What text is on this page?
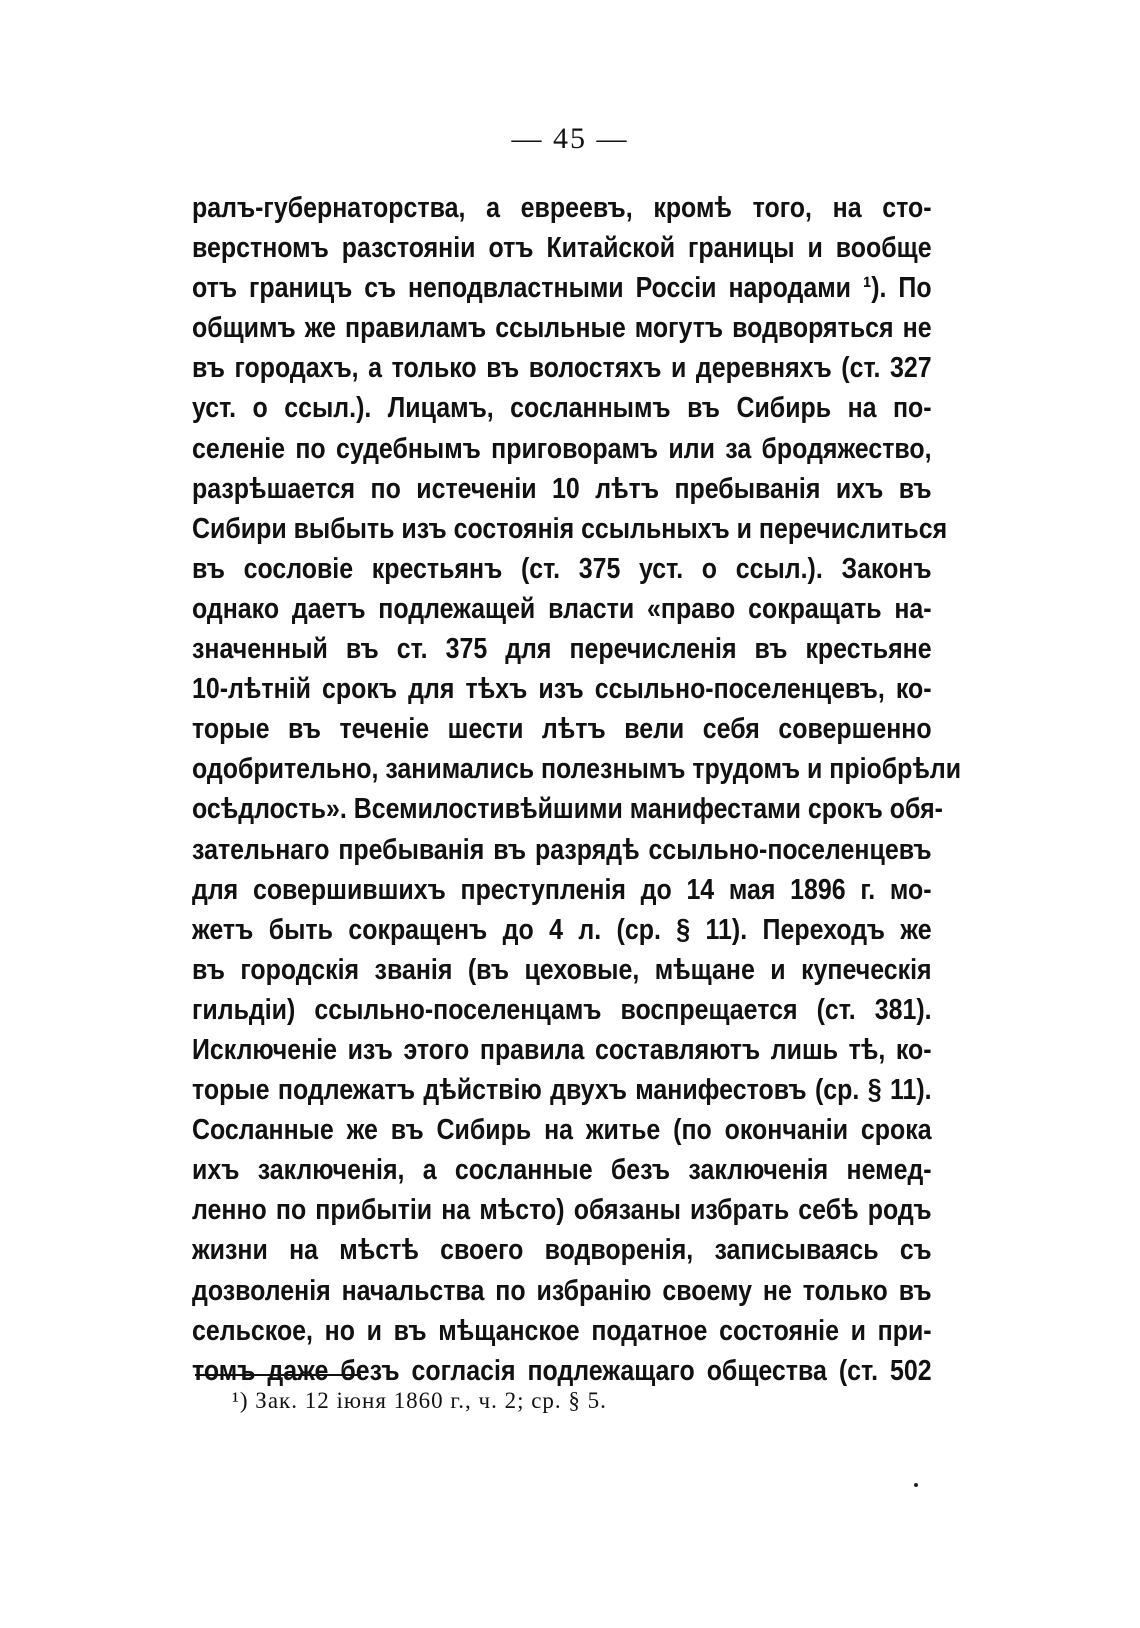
— 45 —
ралъ-губернаторства, а евреевъ, кромѣ того, на сто-
верстномъ разстояніи отъ Китайской границы и вообще
отъ границъ съ неподвластными Россіи народами ¹). По
общимъ же правиламъ ссыльные могутъ водворяться не
въ городахъ, а только въ волостяхъ и деревняхъ (ст. 327
уст. о ссыл.). Лицамъ, сосланнымъ въ Сибирь на по-
селеніе по судебнымъ приговорамъ или за бродяжество,
разрѣшается по истеченіи 10 лѣтъ пребыванія ихъ въ
Сибири выбыть изъ состоянія ссыльныхъ и перечислиться
въ сословіе крестьянъ (ст. 375 уст. о ссыл.). Законъ
однако даетъ подлежащей власти «право сокращать на-
значенный въ ст. 375 для перечисленія въ крестьяне
10-лѣтній срокъ для тѣхъ изъ ссыльно-поселенцевъ, ко-
торые въ теченіе шести лѣтъ вели себя совершенно
одобрительно, занимались полезнымъ трудомъ и пріобрѣли
осѣдлость». Всемилостивѣйшими манифестами срокъ обя-
зательнаго пребыванія въ разрядѣ ссыльно-поселенцевъ
для совершившихъ преступленія до 14 мая 1896 г. мо-
жетъ быть сокращенъ до 4 л. (ср. § 11). Переходъ же
въ городскія званія (въ цеховые, мѣщане и купеческія
гильдіи) ссыльно-поселенцамъ воспрещается (ст. 381).
Исключеніе изъ этого правила составляютъ лишь тѣ, ко-
торые подлежатъ дѣйствію двухъ манифестовъ (ср. § 11).
Сосланные же въ Сибирь на житье (по окончаніи срока
ихъ заключенія, а сосланные безъ заключенія немед-
ленно по прибытіи на мѣсто) обязаны избрать себѣ родъ
жизни на мѣстѣ своего водворенія, записываясь съ
дозволенія начальства по избранію своему не только въ
сельское, но и въ мѣщанское податное состояніе и при-
томъ даже безъ согласія подлежащаго общества (ст. 502
¹) Зак. 12 іюня 1860 г., ч. 2; ср. § 5.
